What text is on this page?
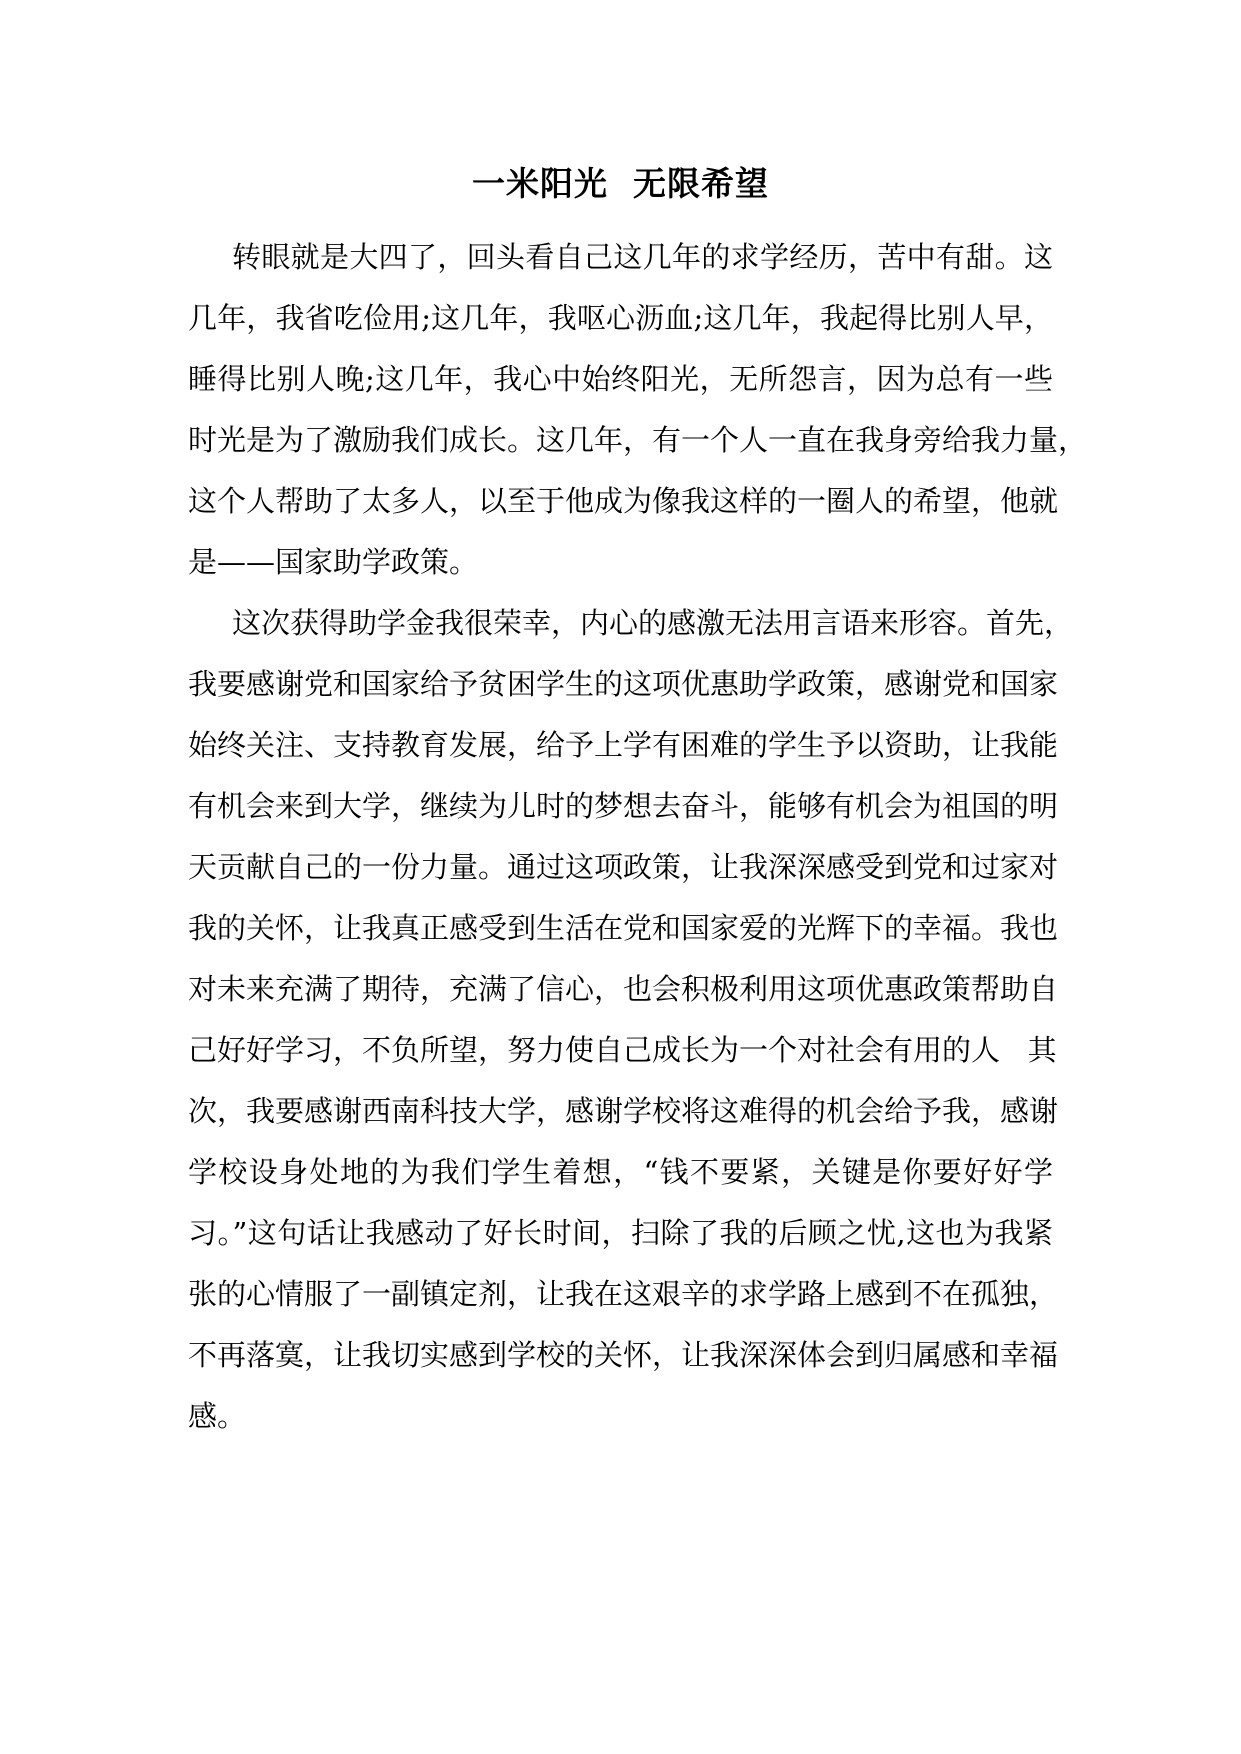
一米阳光  无限希望
转眼就是大四了，回头看自己这几年的求学经历，苦中有甜。这
几年，我省吃俭用;这几年，我呕心沥血;这几年，我起得比别人早，
睡得比别人晚;这几年，我心中始终阳光，无所怨言，因为总有一些
时光是为了激励我们成长。这几年，有一个人一直在我身旁给我力量，
这个人帮助了太多人，以至于他成为像我这样的一圈人的希望，他就
是——国家助学政策。
这次获得助学金我很荣幸，内心的感激无法用言语来形容。首先，
我要感谢党和国家给予贫困学生的这项优惠助学政策，感谢党和国家
始终关注、支持教育发展，给予上学有困难的学生予以资助，让我能
有机会来到大学，继续为儿时的梦想去奋斗，能够有机会为祖国的明
天贡献自己的一份力量。通过这项政策，让我深深感受到党和过家对
我的关怀，让我真正感受到生活在党和国家爱的光辉下的幸福。我也
对未来充满了期待，充满了信心，也会积极利用这项优惠政策帮助自
己好好学习，不负所望，努力使自己成长为一个对社会有用的人   其
次，我要感谢西南科技大学，感谢学校将这难得的机会给予我，感谢
学校设身处地的为我们学生着想，“钱不要紧，关键是你要好好学
习。”这句话让我感动了好长时间，扫除了我的后顾之忧,这也为我紧
张的心情服了一副镇定剂，让我在这艰辛的求学路上感到不在孤独，
不再落寞，让我切实感到学校的关怀，让我深深体会到归属感和幸福
感。
